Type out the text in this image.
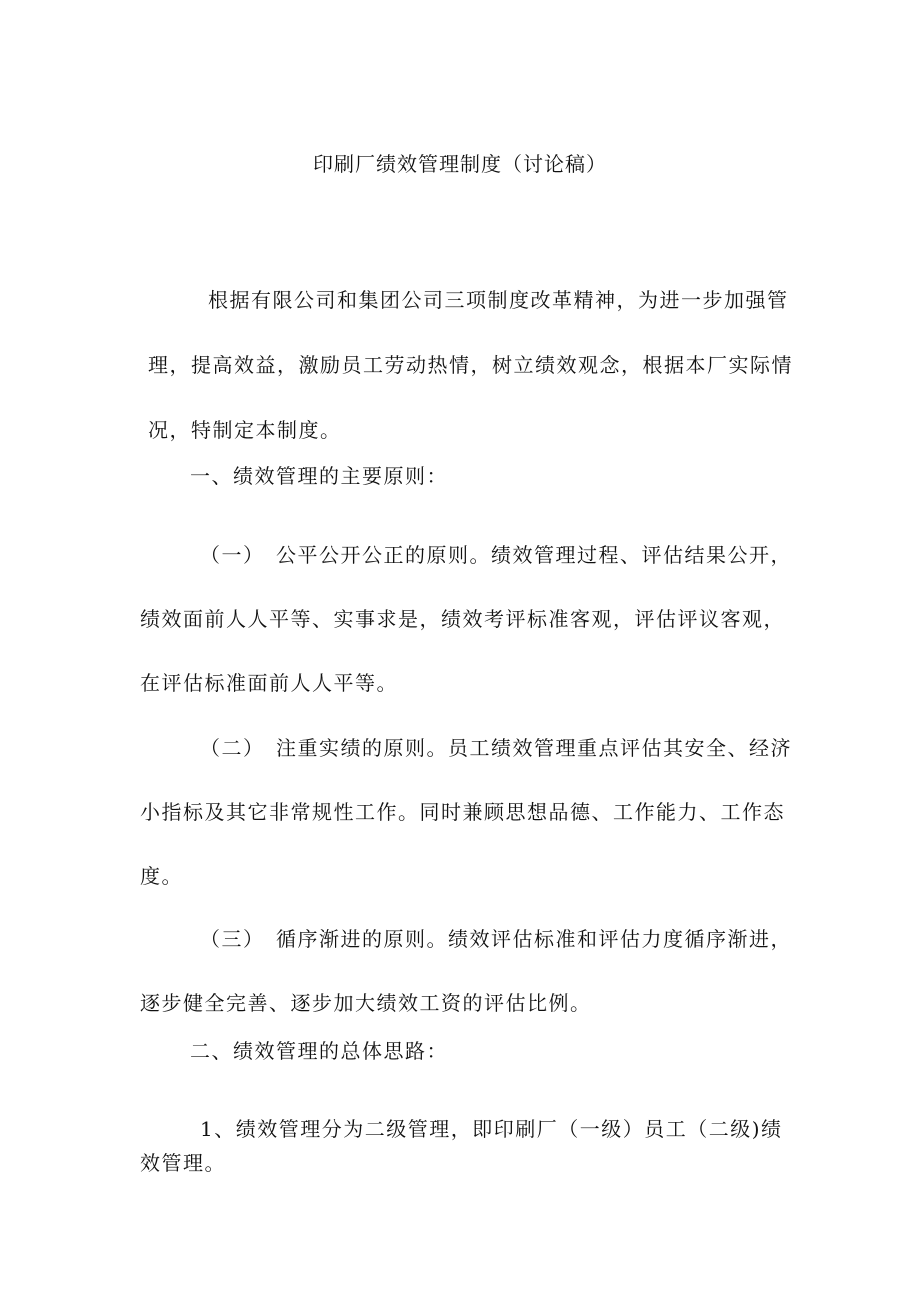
印刷厂绩效管理制度（讨论稿）

根据有限公司和集团公司三项制度改革精神，为进一步加强管理，提高效益，激励员工劳动热情，树立绩效观念，根据本厂实际情况，特制定本制度。

一、绩效管理的主要原则：

（一）　公平公开公正的原则。绩效管理过程、评估结果公开，绩效面前人人平等、实事求是，绩效考评标准客观，评估评议客观，在评估标准面前人人平等。

（二）　注重实绩的原则。员工绩效管理重点评估其安全、经济小指标及其它非常规性工作。同时兼顾思想品德、工作能力、工作态度。

（三）　循序渐进的原则。绩效评估标准和评估力度循序渐进，逐步健全完善、逐步加大绩效工资的评估比例。

二、绩效管理的总体思路：

1、绩效管理分为二级管理，即印刷厂（一级）员工（二级)绩效管理。
